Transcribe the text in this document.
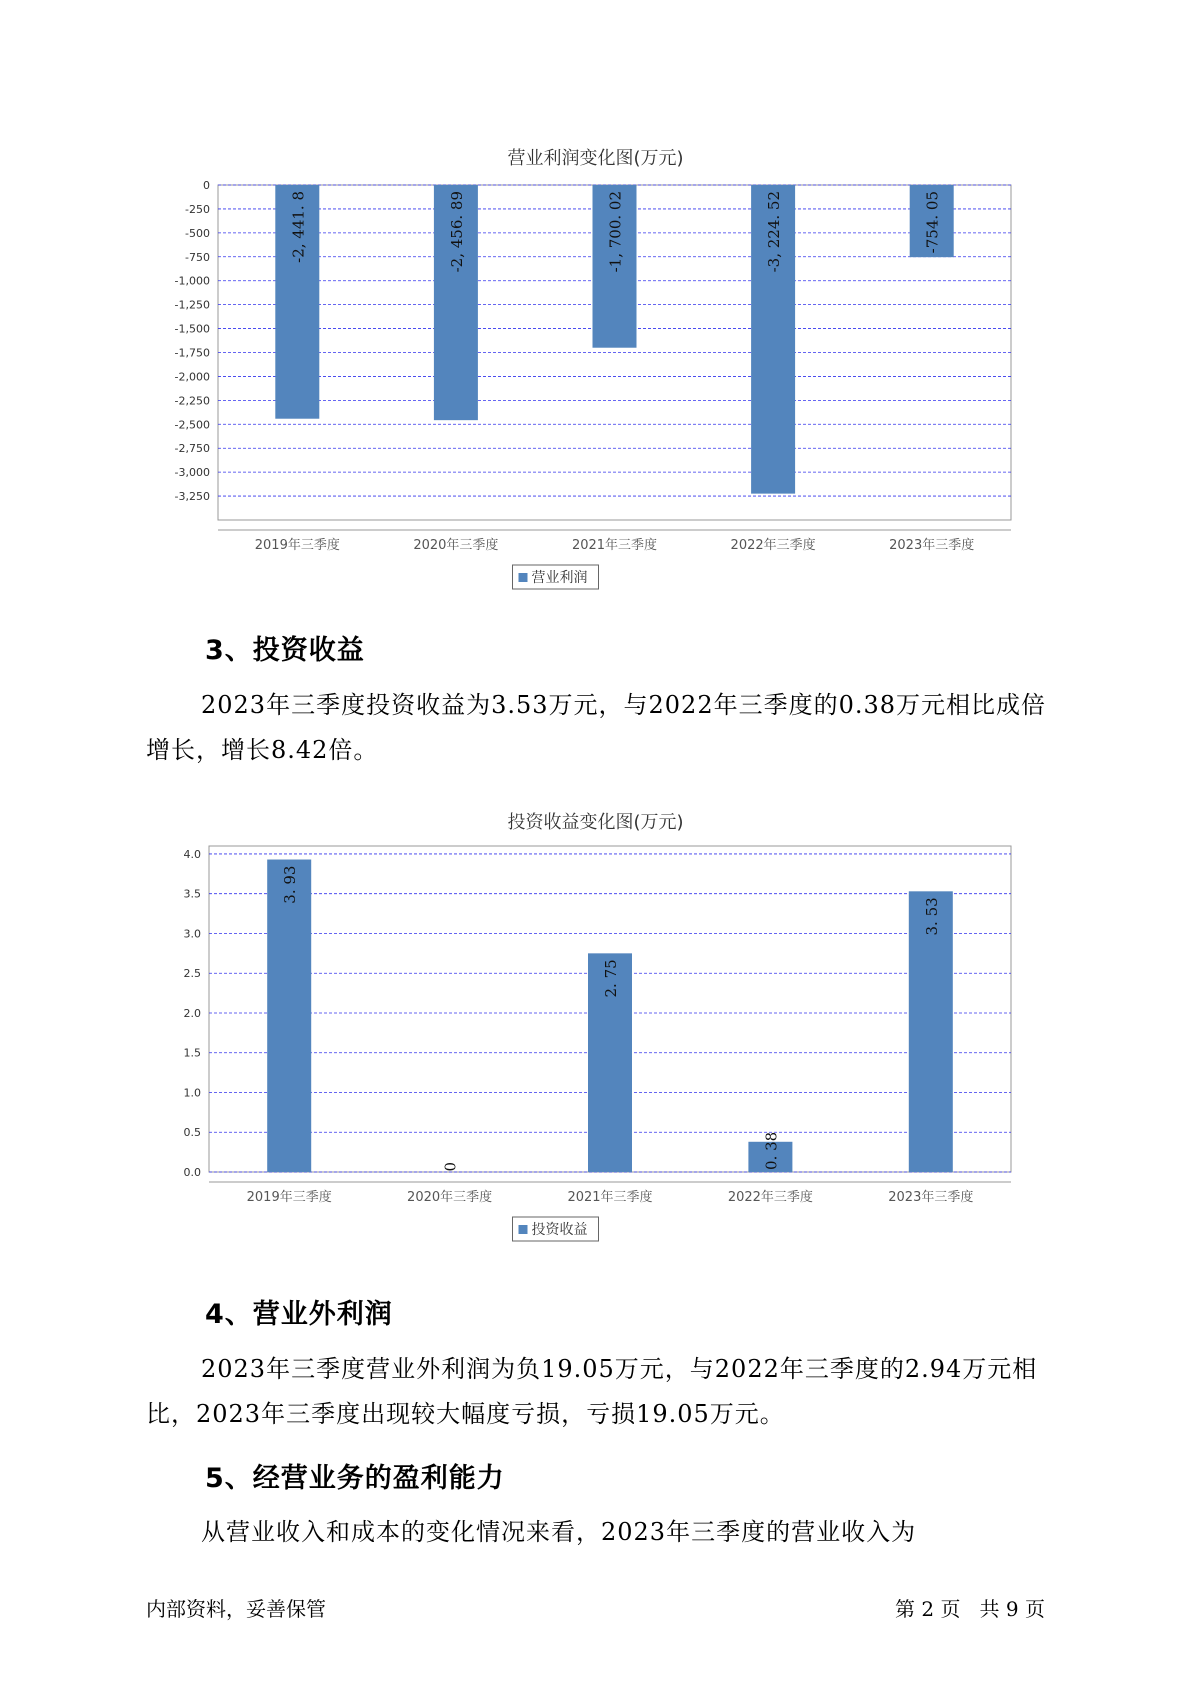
营业利润变化图(万元)
0
-250
-500
-750
-1,000
-1,250
-1,500
-1,750
-2,000
-2,250
-2,500
-2,750
-3,000
-3,250
-2, 441. 8
2019年三季度
-2, 456. 89
2020年三季度
-1, 700. 02
2021年三季度
-3, 224. 52
2022年三季度
-754. 05
2023年三季度
营业利润
3、投资收益

2023年三季度投资收益为3.53万元，与2022年三季度的0.38万元相比成倍增长，增长8.42倍。

投资收益变化图(万元)
0.0
0.5
1.0
1.5
2.0
2.5
3.0
3.5
4.0
3. 93
2019年三季度
0
2020年三季度
2. 75
2021年三季度
0. 38
2022年三季度
3. 53
2023年三季度
投资收益
4、营业外利润

2023年三季度营业外利润为负19.05万元，与2022年三季度的2.94万元相比，2023年三季度出现较大幅度亏损，亏损19.05万元。

5、经营业务的盈利能力

从营业收入和成本的变化情况来看，2023年三季度的营业收入为

内部资料，妥善保管	第 2 页   共 9 页
